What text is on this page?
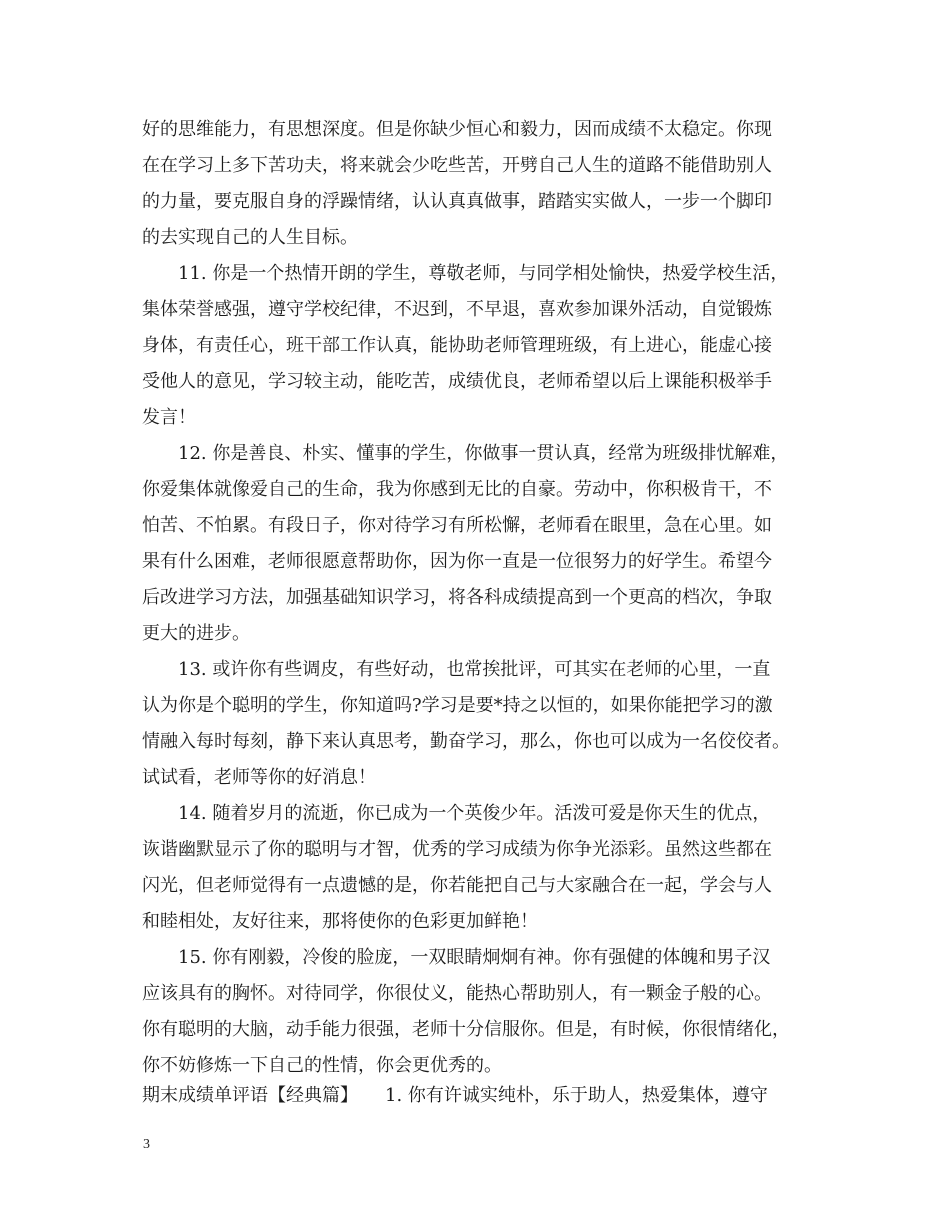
好的思维能力，有思想深度。但是你缺少恒心和毅力，因而成绩不太稳定。你现
在在学习上多下苦功夫，将来就会少吃些苦，开劈自己人生的道路不能借助别人
的力量，要克服自身的浮躁情绪，认认真真做事，踏踏实实做人，一步一个脚印
的去实现自己的人生目标。
11. 你是一个热情开朗的学生，尊敬老师，与同学相处愉快，热爱学校生活，
集体荣誉感强，遵守学校纪律，不迟到，不早退，喜欢参加课外活动，自觉锻炼
身体，有责任心，班干部工作认真，能协助老师管理班级，有上进心，能虚心接
受他人的意见，学习较主动，能吃苦，成绩优良，老师希望以后上课能积极举手
发言！
12. 你是善良、朴实、懂事的学生，你做事一贯认真，经常为班级排忧解难，
你爱集体就像爱自己的生命，我为你感到无比的自豪。劳动中，你积极肯干，不
怕苦、不怕累。有段日子，你对待学习有所松懈，老师看在眼里，急在心里。如
果有什么困难，老师很愿意帮助你，因为你一直是一位很努力的好学生。希望今
后改进学习方法，加强基础知识学习，将各科成绩提高到一个更高的档次，争取
更大的进步。
13. 或许你有些调皮，有些好动，也常挨批评，可其实在老师的心里，一直
认为你是个聪明的学生，你知道吗?学习是要*持之以恒的，如果你能把学习的激
情融入每时每刻，静下来认真思考，勤奋学习，那么，你也可以成为一名佼佼者。
试试看，老师等你的好消息！
14. 随着岁月的流逝，你已成为一个英俊少年。活泼可爱是你天生的优点，
诙谐幽默显示了你的聪明与才智，优秀的学习成绩为你争光添彩。虽然这些都在
闪光，但老师觉得有一点遗憾的是，你若能把自己与大家融合在一起，学会与人
和睦相处，友好往来，那将使你的色彩更加鲜艳！
15. 你有刚毅，冷俊的脸庞，一双眼睛炯炯有神。你有强健的体魄和男子汉
应该具有的胸怀。对待同学，你很仗义，能热心帮助别人，有一颗金子般的心。
你有聪明的大脑，动手能力很强，老师十分信服你。但是，有时候，你很情绪化，
你不妨修炼一下自己的性情，你会更优秀的。
期末成绩单评语【经典篇】　　1. 你有许诚实纯朴，乐于助人，热爱集体，遵守
3
